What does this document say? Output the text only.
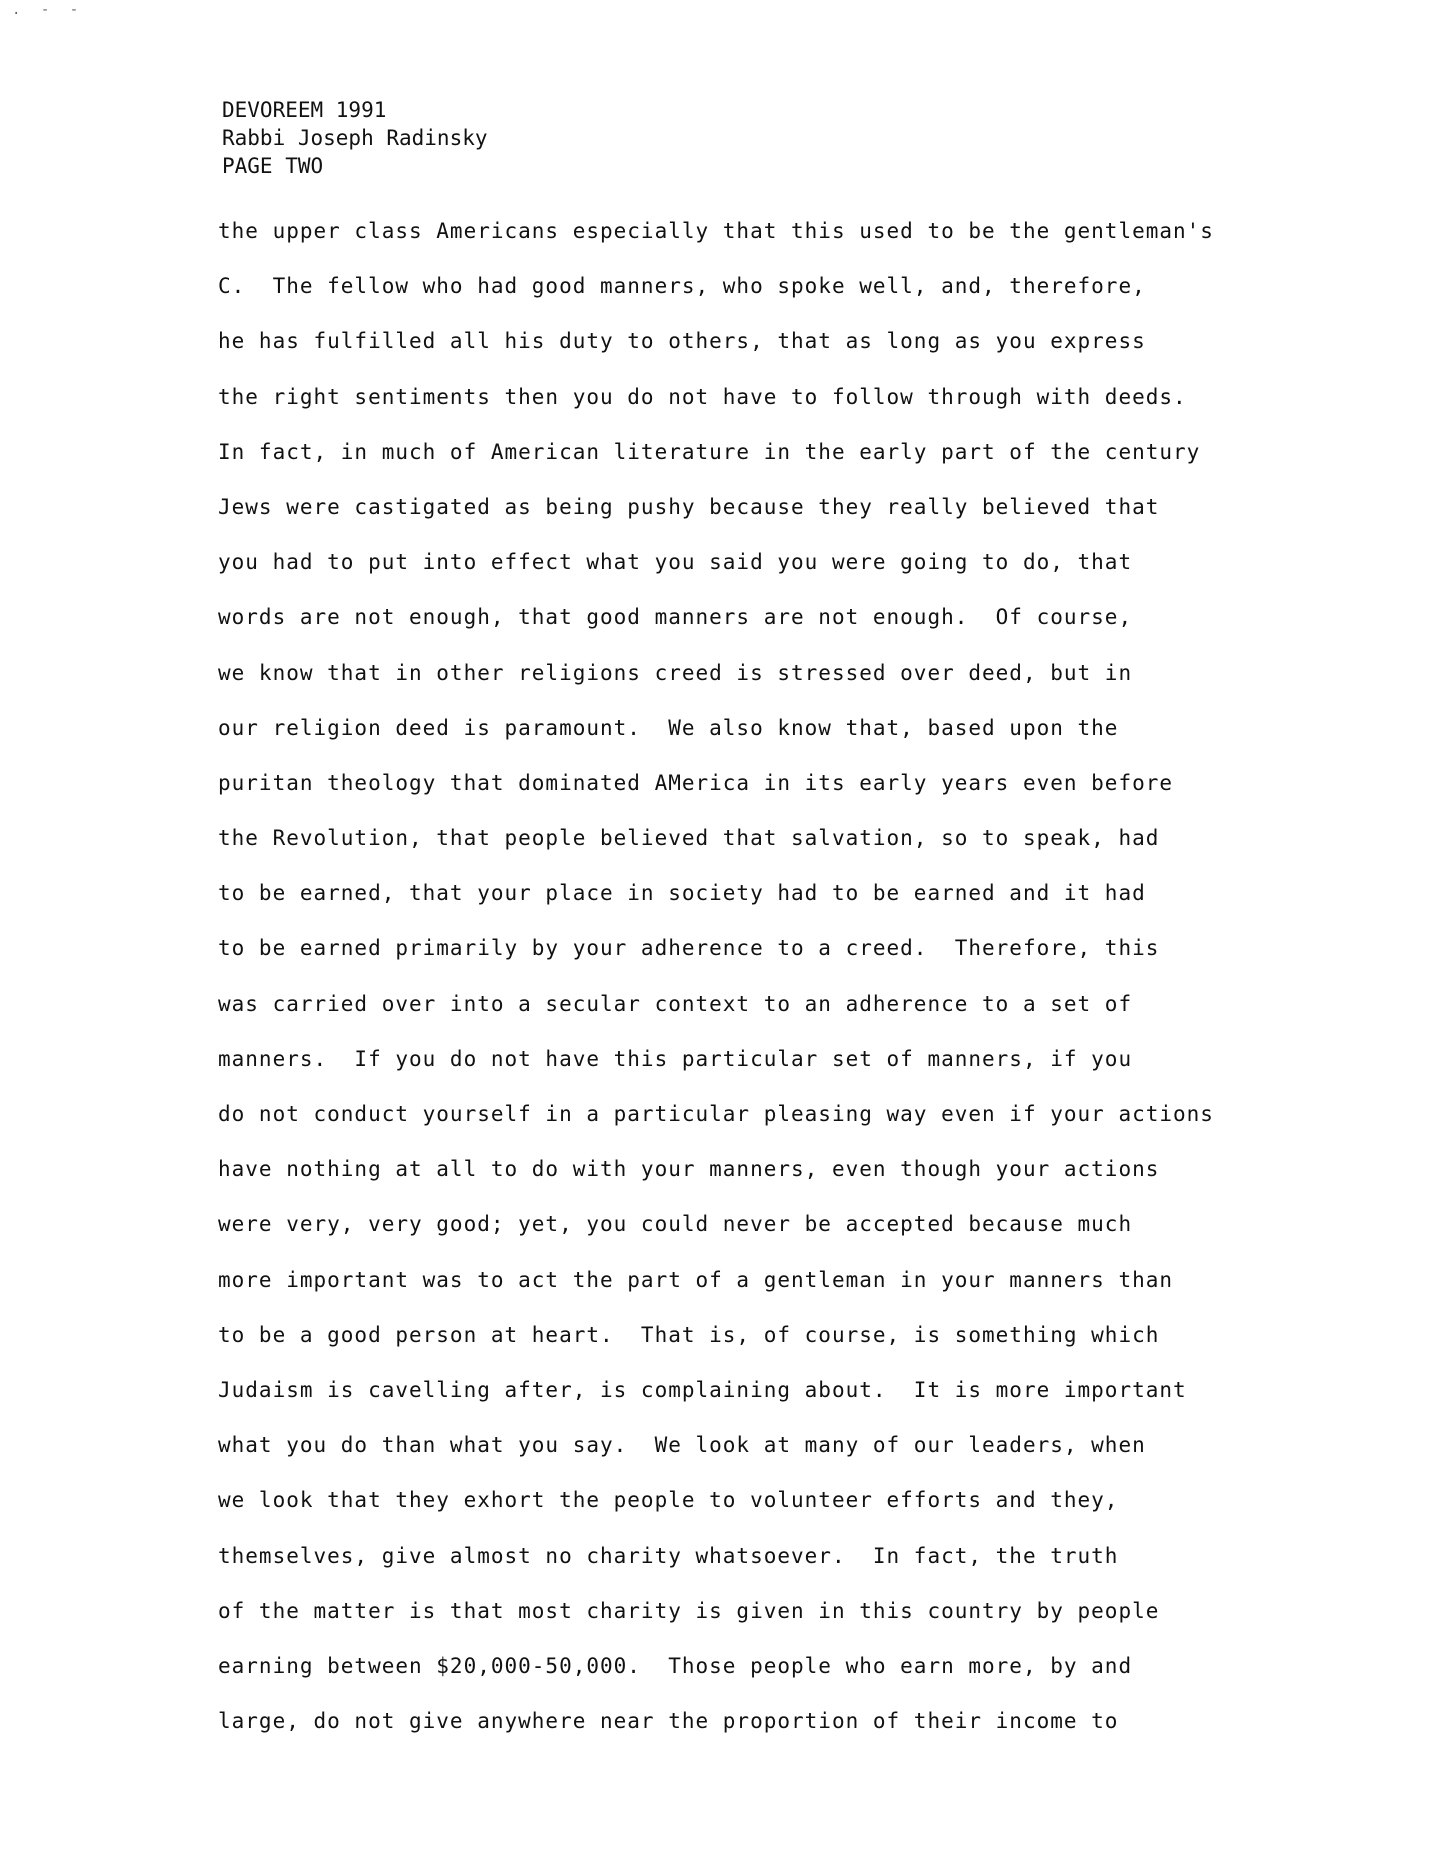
. - -
DEVOREEM 1991
Rabbi Joseph Radinsky
PAGE TWO
the upper class Americans especially that this used to be the gentleman's
C.  The fellow who had good manners, who spoke well, and, therefore,
he has fulfilled all his duty to others, that as long as you express
the right sentiments then you do not have to follow through with deeds.
In fact, in much of American literature in the early part of the century
Jews were castigated as being pushy because they really believed that
you had to put into effect what you said you were going to do, that
words are not enough, that good manners are not enough.  Of course,
we know that in other religions creed is stressed over deed, but in
our religion deed is paramount.  We also know that, based upon the
puritan theology that dominated AMerica in its early years even before
the Revolution, that people believed that salvation, so to speak, had
to be earned, that your place in society had to be earned and it had
to be earned primarily by your adherence to a creed.  Therefore, this
was carried over into a secular context to an adherence to a set of
manners.  If you do not have this particular set of manners, if you
do not conduct yourself in a particular pleasing way even if your actions
have nothing at all to do with your manners, even though your actions
were very, very good; yet, you could never be accepted because much
more important was to act the part of a gentleman in your manners than
to be a good person at heart.  That is, of course, is something which
Judaism is cavelling after, is complaining about.  It is more important
what you do than what you say.  We look at many of our leaders, when
we look that they exhort the people to volunteer efforts and they,
themselves, give almost no charity whatsoever.  In fact, the truth
of the matter is that most charity is given in this country by people
earning between $20,000-50,000.  Those people who earn more, by and
large, do not give anywhere near the proportion of their income to
